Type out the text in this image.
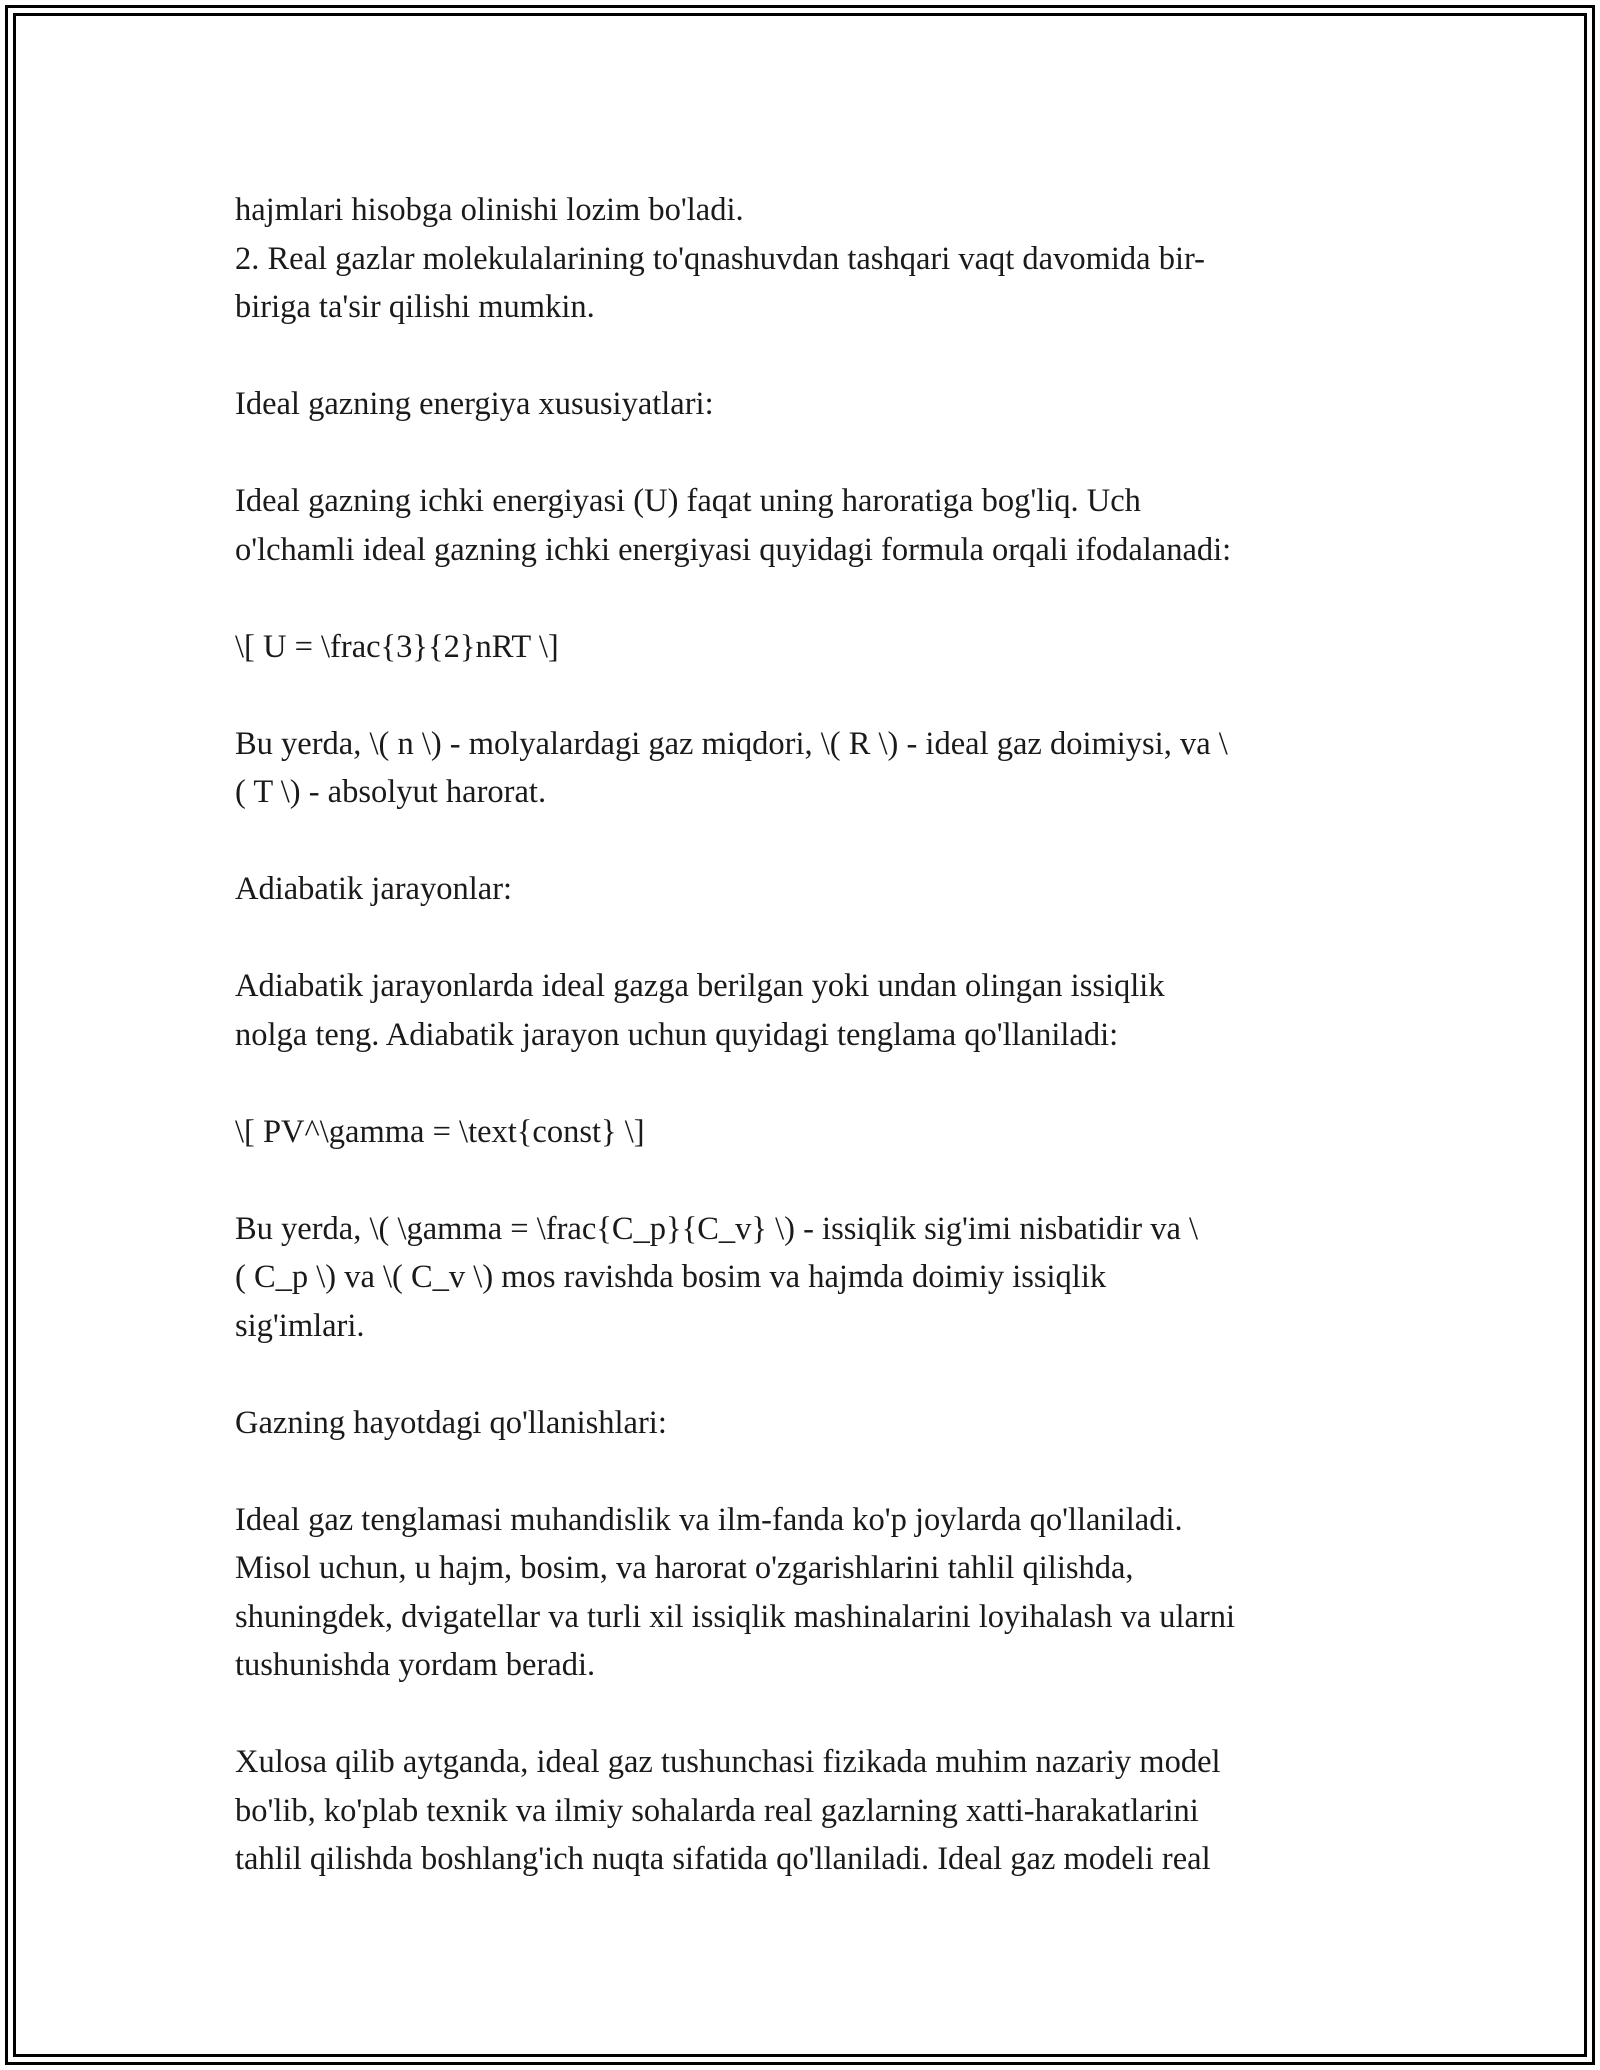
hajmlari hisobga olinishi lozim bo'ladi.

2. Real gazlar molekulalarining to'qnashuvdan tashqari vaqt davomida bir-

biriga ta'sir qilishi mumkin.

Ideal gazning energiya xususiyatlari:

Ideal gazning ichki energiyasi (U) faqat uning haroratiga bog'liq. Uch

o'lchamli ideal gazning ichki energiyasi quyidagi formula orqali ifodalanadi:

\[ U = \frac{3}{2}nRT \]

Bu yerda, \( n \) - molyalardagi gaz miqdori, \( R \) - ideal gaz doimiysi, va \

( T \) - absolyut harorat.

Adiabatik jarayonlar:

Adiabatik jarayonlarda ideal gazga berilgan yoki undan olingan issiqlik

nolga teng. Adiabatik jarayon uchun quyidagi tenglama qo'llaniladi:

\[ PV^\gamma = \text{const} \]

Bu yerda, \( \gamma = \frac{C_p}{C_v} \) - issiqlik sig'imi nisbatidir va \

( C_p \) va \( C_v \) mos ravishda bosim va hajmda doimiy issiqlik

sig'imlari.

Gazning hayotdagi qo'llanishlari:

Ideal gaz tenglamasi muhandislik va ilm-fanda ko'p joylarda qo'llaniladi.

Misol uchun, u hajm, bosim, va harorat o'zgarishlarini tahlil qilishda,

shuningdek, dvigatellar va turli xil issiqlik mashinalarini loyihalash va ularni

tushunishda yordam beradi.

Xulosa qilib aytganda, ideal gaz tushunchasi fizikada muhim nazariy model

bo'lib, ko'plab texnik va ilmiy sohalarda real gazlarning xatti-harakatlarini

tahlil qilishda boshlang'ich nuqta sifatida qo'llaniladi. Ideal gaz modeli real
